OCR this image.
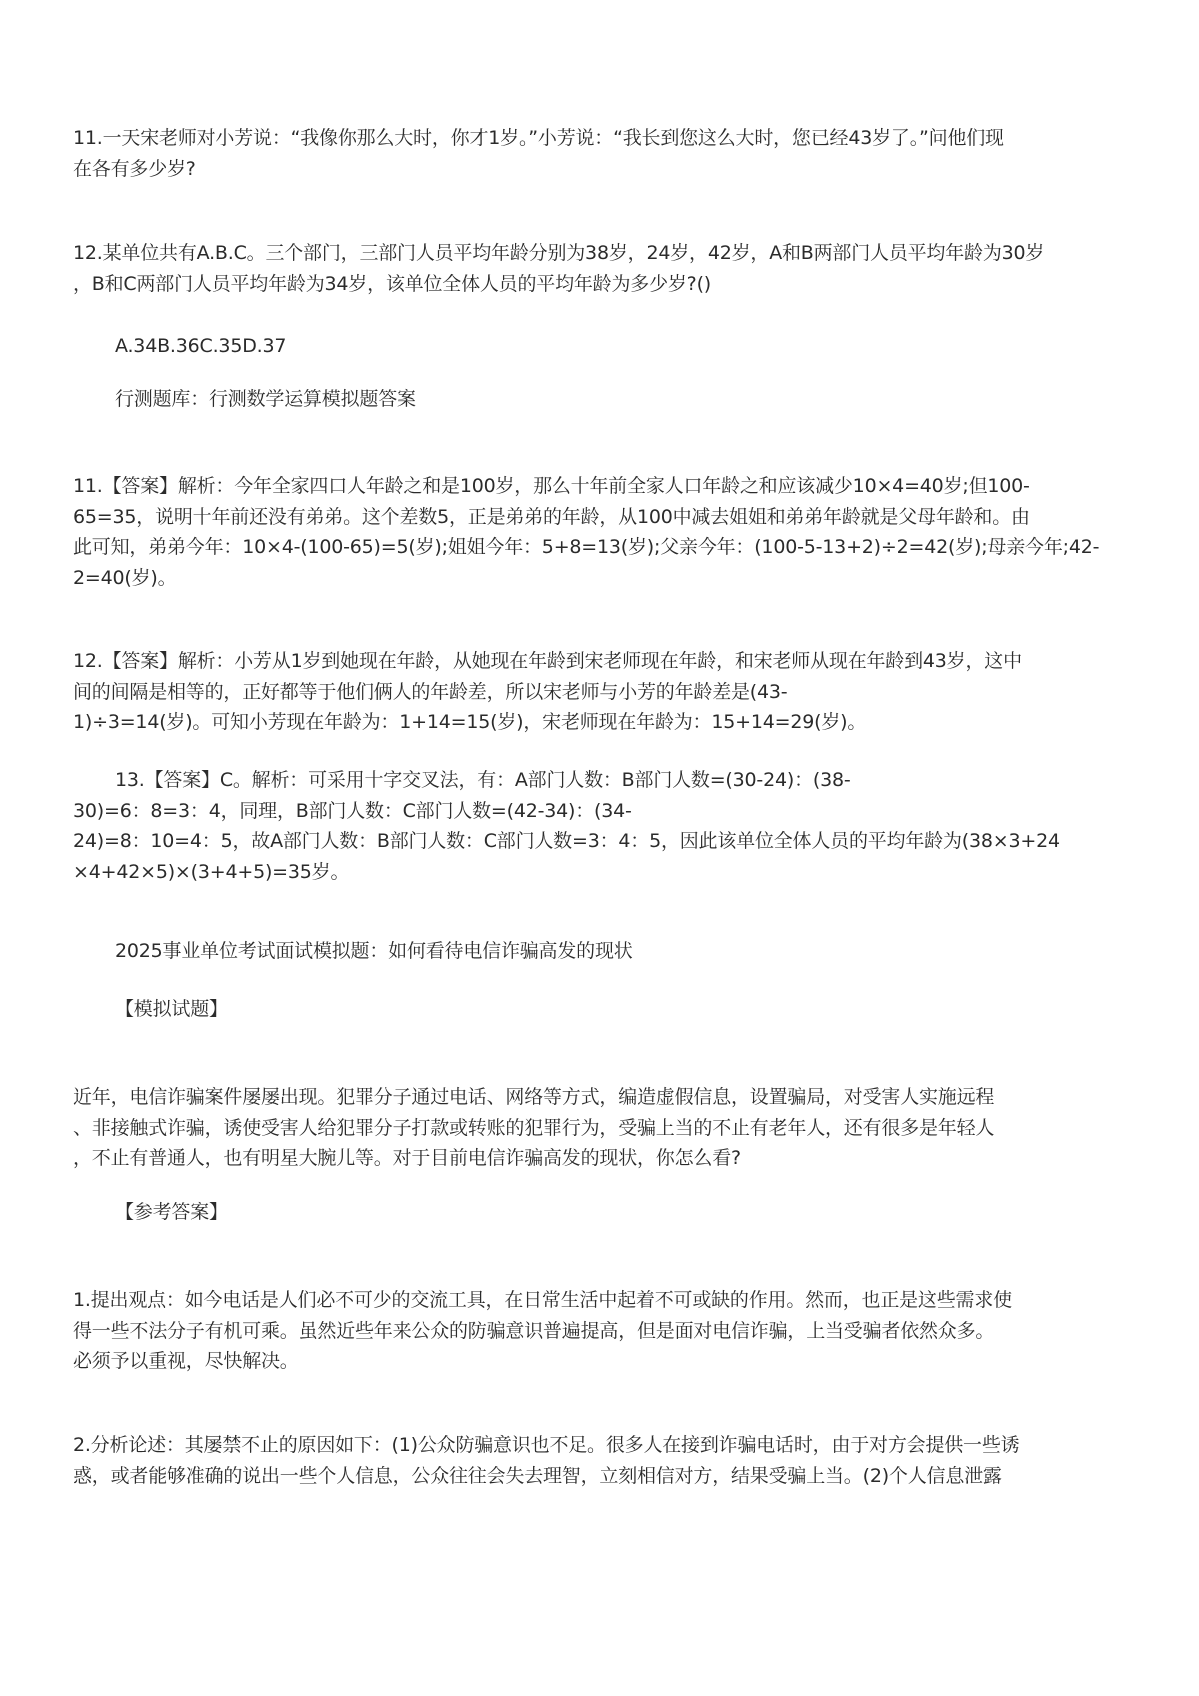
11.一天宋老师对小芳说：“我像你那么大时，你才1岁。”小芳说：“我长到您这么大时，您已经43岁了。”问他们现
在各有多少岁?
12.某单位共有A.B.C。三个部门，三部门人员平均年龄分别为38岁，24岁，42岁，A和B两部门人员平均年龄为30岁
，B和C两部门人员平均年龄为34岁，该单位全体人员的平均年龄为多少岁?()
A.34B.36C.35D.37
行测题库：行测数学运算模拟题答案
11.【答案】解析：今年全家四口人年龄之和是100岁，那么十年前全家人口年龄之和应该减少10×4=40岁;但100-
65=35，说明十年前还没有弟弟。这个差数5，正是弟弟的年龄，从100中减去姐姐和弟弟年龄就是父母年龄和。由
此可知，弟弟今年：10×4-(100-65)=5(岁);姐姐今年：5+8=13(岁);父亲今年：(100-5-13+2)÷2=42(岁);母亲今年;42-
2=40(岁)。
12.【答案】解析：小芳从1岁到她现在年龄，从她现在年龄到宋老师现在年龄，和宋老师从现在年龄到43岁，这中
间的间隔是相等的，正好都等于他们俩人的年龄差，所以宋老师与小芳的年龄差是(43-
1)÷3=14(岁)。可知小芳现在年龄为：1+14=15(岁)，宋老师现在年龄为：15+14=29(岁)。
13.【答案】C。解析：可采用十字交叉法，有：A部门人数：B部门人数=(30-24)：(38-
30)=6：8=3：4，同理，B部门人数：C部门人数=(42-34)：(34-
24)=8：10=4：5，故A部门人数：B部门人数：C部门人数=3：4：5，因此该单位全体人员的平均年龄为(38×3+24
×4+42×5)×(3+4+5)=35岁。
2025事业单位考试面试模拟题：如何看待电信诈骗高发的现状
【模拟试题】
近年，电信诈骗案件屡屡出现。犯罪分子通过电话、网络等方式，编造虚假信息，设置骗局，对受害人实施远程
、非接触式诈骗，诱使受害人给犯罪分子打款或转账的犯罪行为，受骗上当的不止有老年人，还有很多是年轻人
，不止有普通人，也有明星大腕儿等。对于目前电信诈骗高发的现状，你怎么看?
【参考答案】
1.提出观点：如今电话是人们必不可少的交流工具，在日常生活中起着不可或缺的作用。然而，也正是这些需求使
得一些不法分子有机可乘。虽然近些年来公众的防骗意识普遍提高，但是面对电信诈骗，上当受骗者依然众多。
必须予以重视，尽快解决。
2.分析论述：其屡禁不止的原因如下：(1)公众防骗意识也不足。很多人在接到诈骗电话时，由于对方会提供一些诱
惑，或者能够准确的说出一些个人信息，公众往往会失去理智，立刻相信对方，结果受骗上当。(2)个人信息泄露
